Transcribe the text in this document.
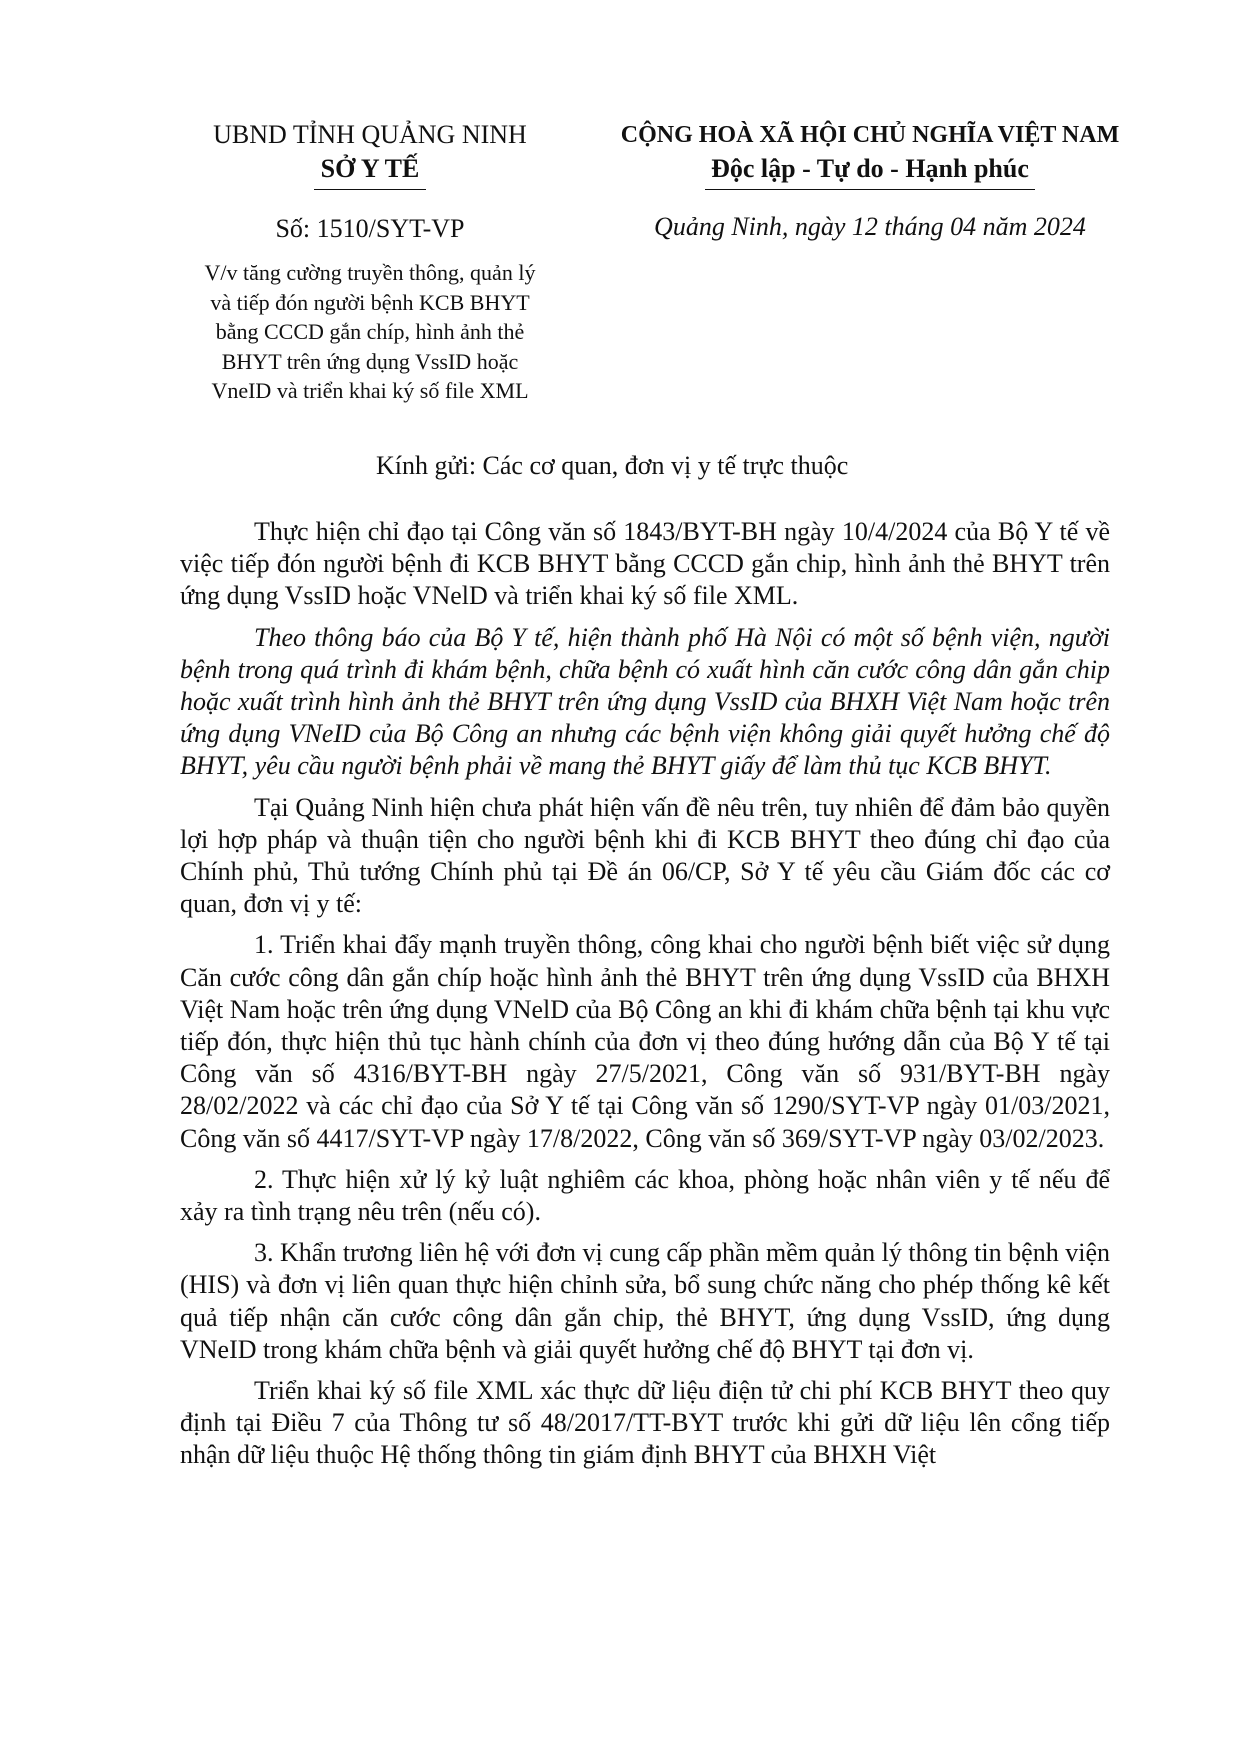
UBND TỈNH QUẢNG NINH
SỞ Y TẾ
CỘNG HOÀ XÃ HỘI CHỦ NGHĨA VIỆT NAM
Độc lập - Tự do - Hạnh phúc
Số: 1510/SYT-VP	Quảng Ninh, ngày 12 tháng 04 năm 2024
V/v tăng cường truyền thông, quản lý và tiếp đón người bệnh KCB BHYT bằng CCCD gắn chíp, hình ảnh thẻ BHYT trên ứng dụng VssID hoặc VneID và triển khai ký số file XML
Kính gửi: Các cơ quan, đơn vị y tế trực thuộc

Thực hiện chỉ đạo tại Công văn số 1843/BYT-BH ngày 10/4/2024 của Bộ Y tế về việc tiếp đón người bệnh đi KCB BHYT bằng CCCD gắn chip, hình ảnh thẻ BHYT trên ứng dụng VssID hoặc VNelD và triển khai ký số file XML.

Theo thông báo của Bộ Y tế, hiện thành phố Hà Nội có một số bệnh viện, người bệnh trong quá trình đi khám bệnh, chữa bệnh có xuất hình căn cước công dân gắn chip hoặc xuất trình hình ảnh thẻ BHYT trên ứng dụng VssID của BHXH Việt Nam hoặc trên ứng dụng VNeID của Bộ Công an nhưng các bệnh viện không giải quyết hưởng chế độ BHYT, yêu cầu người bệnh phải về mang thẻ BHYT giấy để làm thủ tục KCB BHYT.

Tại Quảng Ninh hiện chưa phát hiện vấn đề nêu trên, tuy nhiên để đảm bảo quyền lợi hợp pháp và thuận tiện cho người bệnh khi đi KCB BHYT theo đúng chỉ đạo của Chính phủ, Thủ tướng Chính phủ tại Đề án 06/CP, Sở Y tế yêu cầu Giám đốc các cơ quan, đơn vị y tế:

1. Triển khai đẩy mạnh truyền thông, công khai cho người bệnh biết việc sử dụng Căn cước công dân gắn chíp hoặc hình ảnh thẻ BHYT trên ứng dụng VssID của BHXH Việt Nam hoặc trên ứng dụng VNelD của Bộ Công an khi đi khám chữa bệnh tại khu vực tiếp đón, thực hiện thủ tục hành chính của đơn vị theo đúng hướng dẫn của Bộ Y tế tại Công văn số 4316/BYT-BH ngày 27/5/2021, Công văn số 931/BYT-BH ngày 28/02/2022 và các chỉ đạo của Sở Y tế tại Công văn số 1290/SYT-VP ngày 01/03/2021, Công văn số 4417/SYT-VP ngày 17/8/2022, Công văn số 369/SYT-VP ngày 03/02/2023.

2. Thực hiện xử lý kỷ luật nghiêm các khoa, phòng hoặc nhân viên y tế nếu để xảy ra tình trạng nêu trên (nếu có).

3. Khẩn trương liên hệ với đơn vị cung cấp phần mềm quản lý thông tin bệnh viện (HIS) và đơn vị liên quan thực hiện chỉnh sửa, bổ sung chức năng cho phép thống kê kết quả tiếp nhận căn cước công dân gắn chip, thẻ BHYT, ứng dụng VssID, ứng dụng VNeID trong khám chữa bệnh và giải quyết hưởng chế độ BHYT tại đơn vị.

Triển khai ký số file XML xác thực dữ liệu điện tử chi phí KCB BHYT theo quy định tại Điều 7 của Thông tư số 48/2017/TT-BYT trước khi gửi dữ liệu lên cổng tiếp nhận dữ liệu thuộc Hệ thống thông tin giám định BHYT của BHXH Việt
